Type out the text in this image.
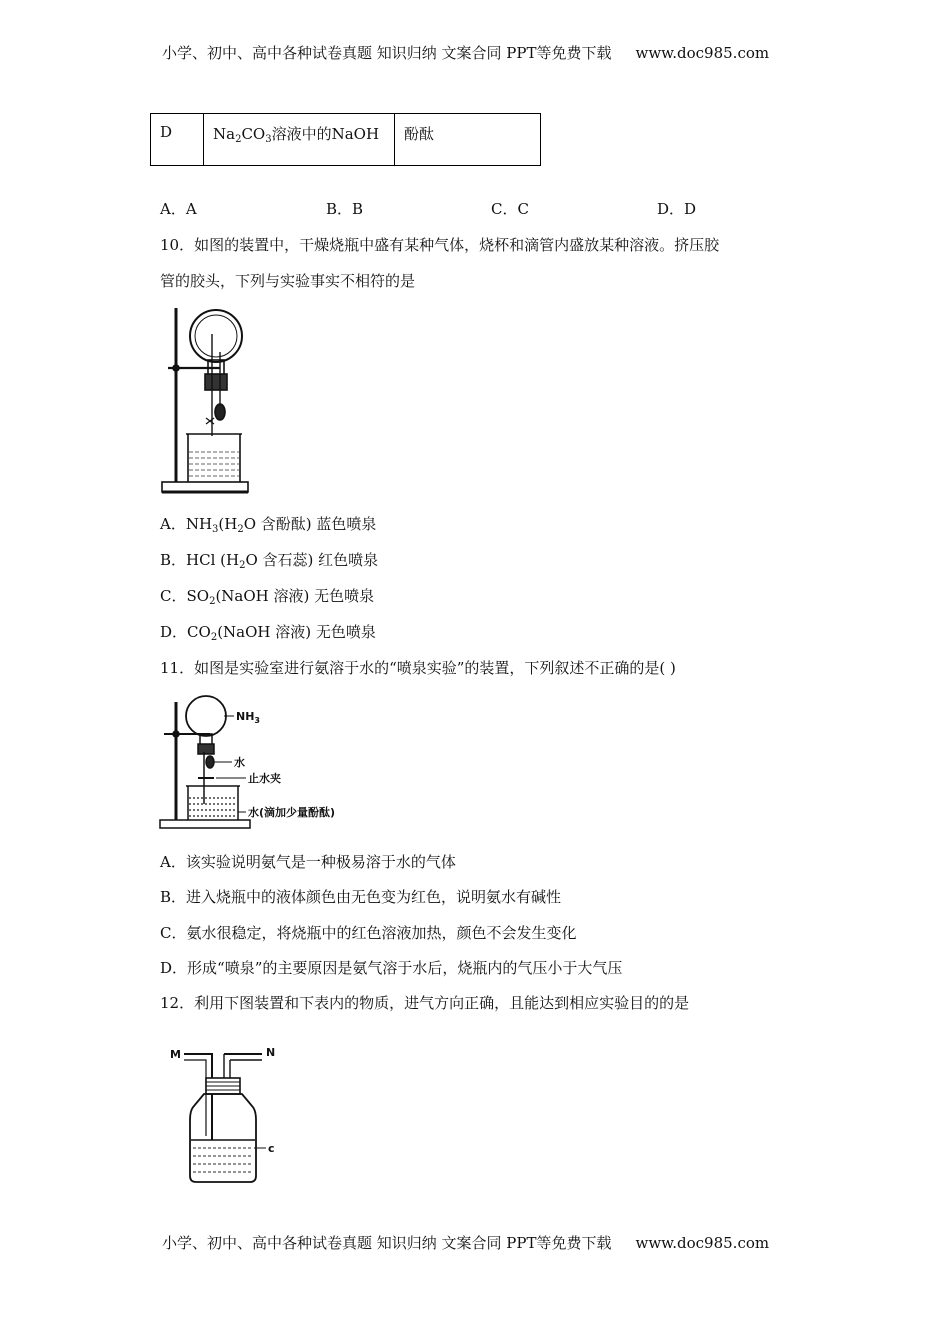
小学、初中、高中各种试卷真题 知识归纳 文案合同 PPT等免费下载 www.doc985.com
D	$Na_2CO_3$溶液中的NaOH	酚酞
A．A	B．B	C．C	D．D
10．如图的装置中，干燥烧瓶中盛有某种气体，烧杯和滴管内盛放某种溶液。挤压胶
管的胶头，下列与实验事实不相符的是
A．$NH_3(H_2O$ 含酚酞) 蓝色喷泉
B．HCl ($H_2O$ 含石蕊) 红色喷泉
C．$SO_2(NaOH$ 溶液) 无色喷泉
D．$CO_2(NaOH$ 溶液) 无色喷泉
11．如图是实验室进行氨溶于水的“喷泉实验”的装置，下列叙述不正确的是( )
$NH_3$
水
止水夹
水(滴加少量酚酞)
A．该实验说明氨气是一种极易溶于水的气体
B．进入烧瓶中的液体颜色由无色变为红色，说明氨水有碱性
C．氨水很稳定，将烧瓶中的红色溶液加热，颜色不会发生变化
D．形成“喷泉”的主要原因是氨气溶于水后，烧瓶内的气压小于大气压
12．利用下图装置和下表内的物质，进气方向正确，且能达到相应实验目的的是
M	N
c
小学、初中、高中各种试卷真题 知识归纳 文案合同 PPT等免费下载 www.doc985.com
